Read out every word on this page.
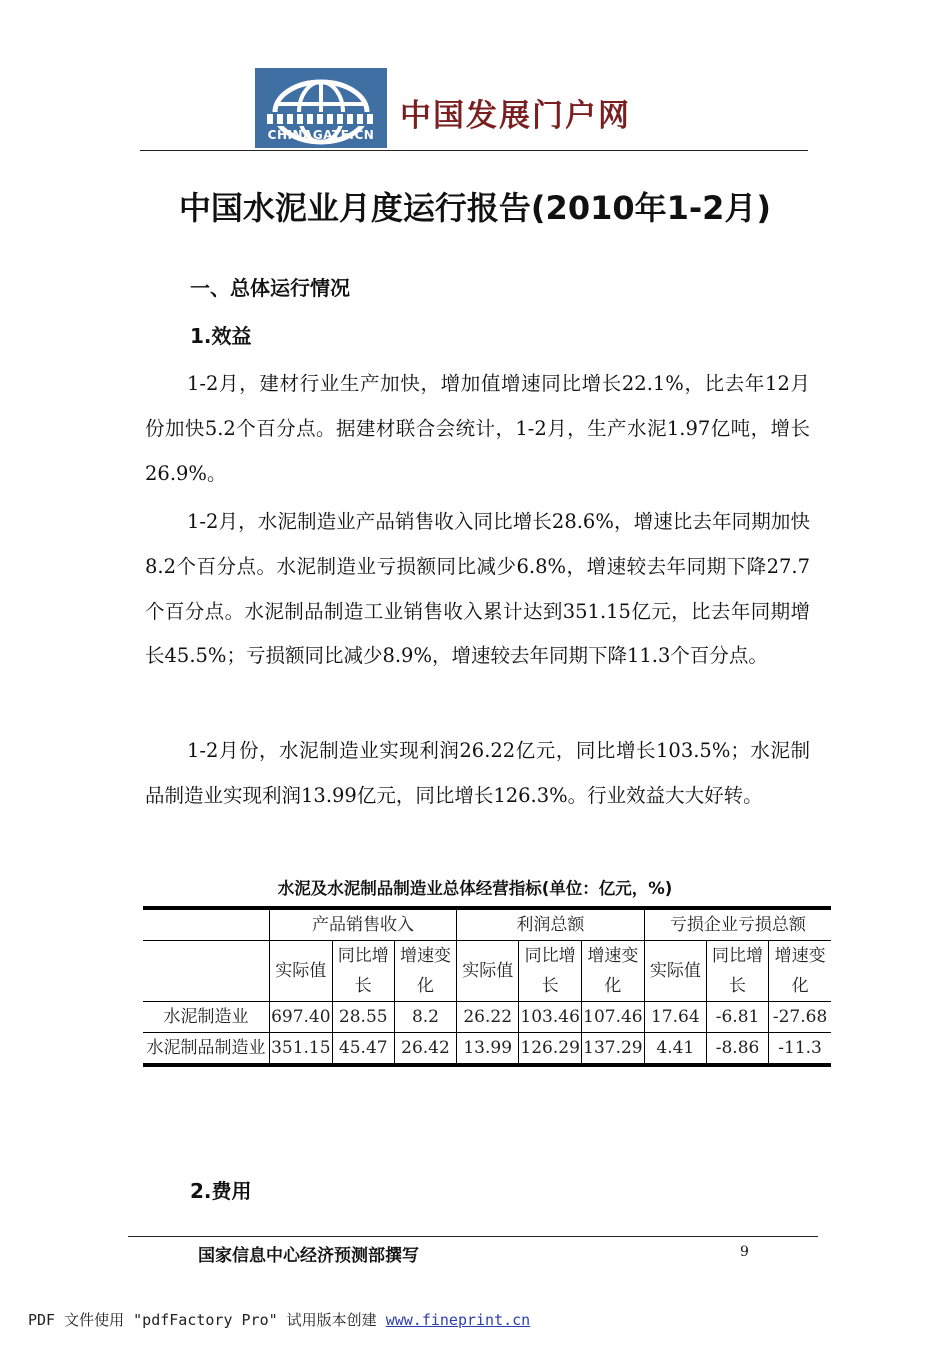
CHINAGATE.CN
中国发展门户网
中国水泥业月度运行报告(2010年1-2月)
一、总体运行情况
1.效益

1-2月，建材行业生产加快，增加值增速同比增长22.1%，比去年12月份加快5.2个百分点。据建材联合会统计，1-2月，生产水泥1.97亿吨，增长26.9%。

1-2月，水泥制造业产品销售收入同比增长28.6%，增速比去年同期加快8.2个百分点。水泥制造业亏损额同比减少6.8%，增速较去年同期下降27.7个百分点。水泥制品制造工业销售收入累计达到351.15亿元，比去年同期增长45.5%；亏损额同比减少8.9%，增速较去年同期下降11.3个百分点。

1-2月份，水泥制造业实现利润26.22亿元，同比增长103.5%；水泥制品制造业实现利润13.99亿元，同比增长126.3%。行业效益大大好转。

水泥及水泥制品制造业总体经营指标(单位：亿元，%)
	产品销售收入			利润总额			亏损企业亏损总额		
	实际值	同比增长	增速变化	实际值	同比增长	增速变化	实际值	同比增长	增速变化
水泥制造业	697.40	28.55	8.2	26.22	103.46	107.46	17.64	-6.81	-27.68
水泥制品制造业	351.15	45.47	26.42	13.99	126.29	137.29	4.41	-8.86	-11.3
2.费用
国家信息中心经济预测部撰写	9
PDF 文件使用 "pdfFactory Pro" 试用版本创建 www.fineprint.cn
